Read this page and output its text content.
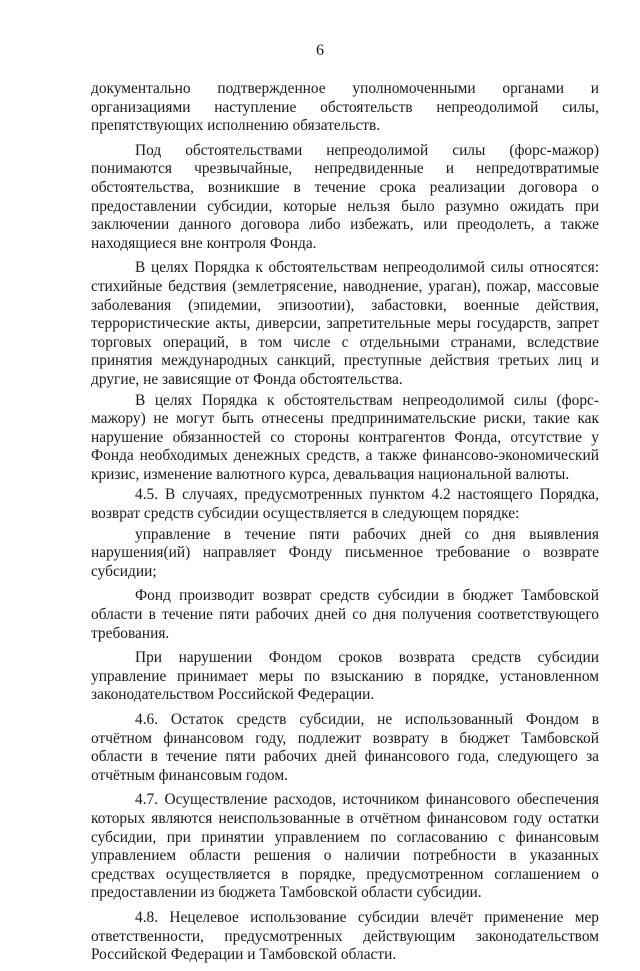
6

документально подтвержденное уполномоченными органами и организациями наступление обстоятельств непреодолимой силы, препятствующих исполнению обязательств.

Под обстоятельствами непреодолимой силы (форс-мажор) понимаются чрезвычайные, непредвиденные и непредотвратимые обстоятельства, возникшие в течение срока реализации договора о предоставлении субсидии, которые нельзя было разумно ожидать при заключении данного договора либо избежать, или преодолеть, а также находящиеся вне контроля Фонда.

В целях Порядка к обстоятельствам непреодолимой силы относятся: стихийные бедствия (землетрясение, наводнение, ураган), пожар, массовые заболевания (эпидемии, эпизоотии), забастовки, военные действия, террористические акты, диверсии, запретительные меры государств, запрет торговых операций, в том числе с отдельными странами, вследствие принятия международных санкций, преступные действия третьих лиц и другие, не зависящие от Фонда обстоятельства.

В целях Порядка к обстоятельствам непреодолимой силы (форс-мажору) не могут быть отнесены предпринимательские риски, такие как нарушение обязанностей со стороны контрагентов Фонда, отсутствие у Фонда необходимых денежных средств, а также финансово-экономический кризис, изменение валютного курса, девальвация национальной валюты.

4.5. В случаях, предусмотренных пунктом 4.2 настоящего Порядка, возврат средств субсидии осуществляется в следующем порядке:

управление в течение пяти рабочих дней со дня выявления нарушения(ий) направляет Фонду письменное требование о возврате субсидии;

Фонд производит возврат средств субсидии в бюджет Тамбовской области в течение пяти рабочих дней со дня получения соответствующего требования.

При нарушении Фондом сроков возврата средств субсидии управление принимает меры по взысканию в порядке, установленном законодательством Российской Федерации.

4.6. Остаток средств субсидии, не использованный Фондом в отчётном финансовом году, подлежит возврату в бюджет Тамбовской области в течение пяти рабочих дней финансового года, следующего за отчётным финансовым годом.

4.7. Осуществление расходов, источником финансового обеспечения которых являются неиспользованные в отчётном финансовом году остатки субсидии, при принятии управлением по согласованию с финансовым управлением области решения о наличии потребности в указанных средствах осуществляется в порядке, предусмотренном соглашением о предоставлении из бюджета Тамбовской области субсидии.

4.8. Нецелевое использование субсидии влечёт применение мер ответственности, предусмотренных действующим законодательством Российской Федерации и Тамбовской области.
